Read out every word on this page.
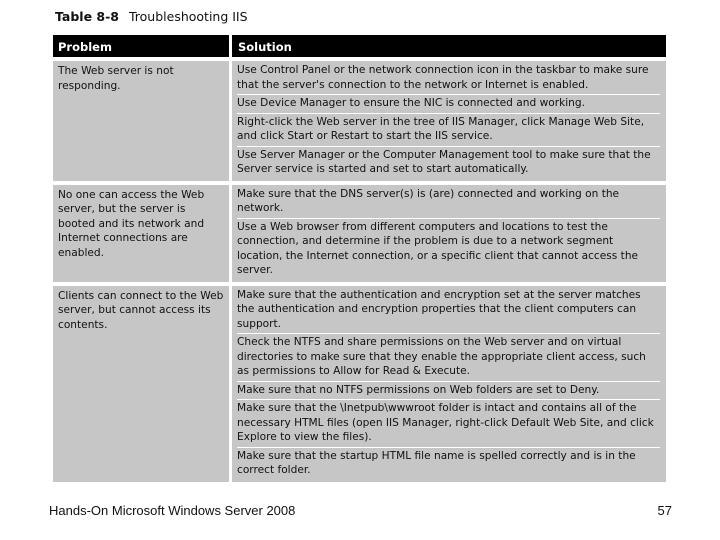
Table 8-8 Troubleshooting IIS
Problem	Solution
The Web server is not responding.
Use Control Panel or the network connection icon in the taskbar to make sure that the server's connection to the network or Internet is enabled.
Use Device Manager to ensure the NIC is connected and working.
Right-click the Web server in the tree of IIS Manager, click Manage Web Site, and click Start or Restart to start the IIS service.
Use Server Manager or the Computer Management tool to make sure that the Server service is started and set to start automatically.
No one can access the Web server, but the server is booted and its network and Internet connections are enabled.
Make sure that the DNS server(s) is (are) connected and working on the network.
Use a Web browser from different computers and locations to test the connection, and determine if the problem is due to a network segment location, the Internet connection, or a specific client that cannot access the server.
Clients can connect to the Web server, but cannot access its contents.
Make sure that the authentication and encryption set at the server matches the authentication and encryption properties that the client computers can support.
Check the NTFS and share permissions on the Web server and on virtual directories to make sure that they enable the appropriate client access, such as permissions to Allow for Read & Execute.
Make sure that no NTFS permissions on Web folders are set to Deny.
Make sure that the \Inetpub\wwwroot folder is intact and contains all of the necessary HTML files (open IIS Manager, right-click Default Web Site, and click Explore to view the files).
Make sure that the startup HTML file name is spelled correctly and is in the correct folder.
Hands-On Microsoft Windows Server 2008	57
